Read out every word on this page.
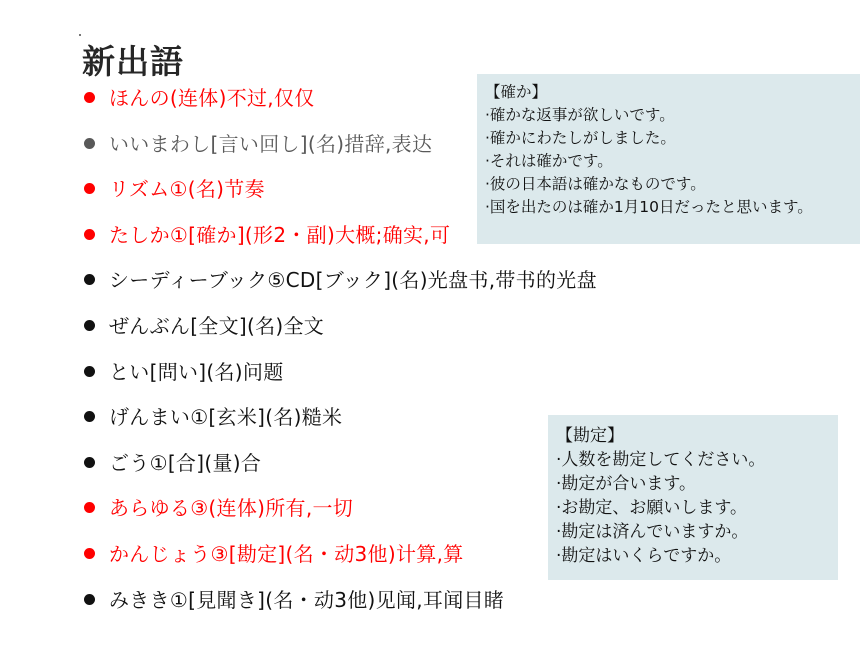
新出語
ほんの(连体)不过,仅仅
いいまわし[言い回し](名)措辞,表达
リズム①(名)节奏
たしか①[確か](形2・副)大概;确实,可
シーディーブック⑤CD[ブック](名)光盘书,带书的光盘
ぜんぶん[全文](名)全文
とい[問い](名)问题
げんまい①[玄米](名)糙米
ごう①[合](量)合
あらゆる③(连体)所有,一切
かんじょう③[勘定](名・动3他)计算,算
みきき①[見聞き](名・动3他)见闻,耳闻目睹
【確か】
·確かな返事が欲しいです。
·確かにわたしがしました。
·それは確かです。
·彼の日本語は確かなものです。
·国を出たのは確か1月10日だったと思います。
【勘定】
·人数を勘定してください。
·勘定が合います。
·お勘定、お願いします。
·勘定は済んでいますか。
·勘定はいくらですか。
